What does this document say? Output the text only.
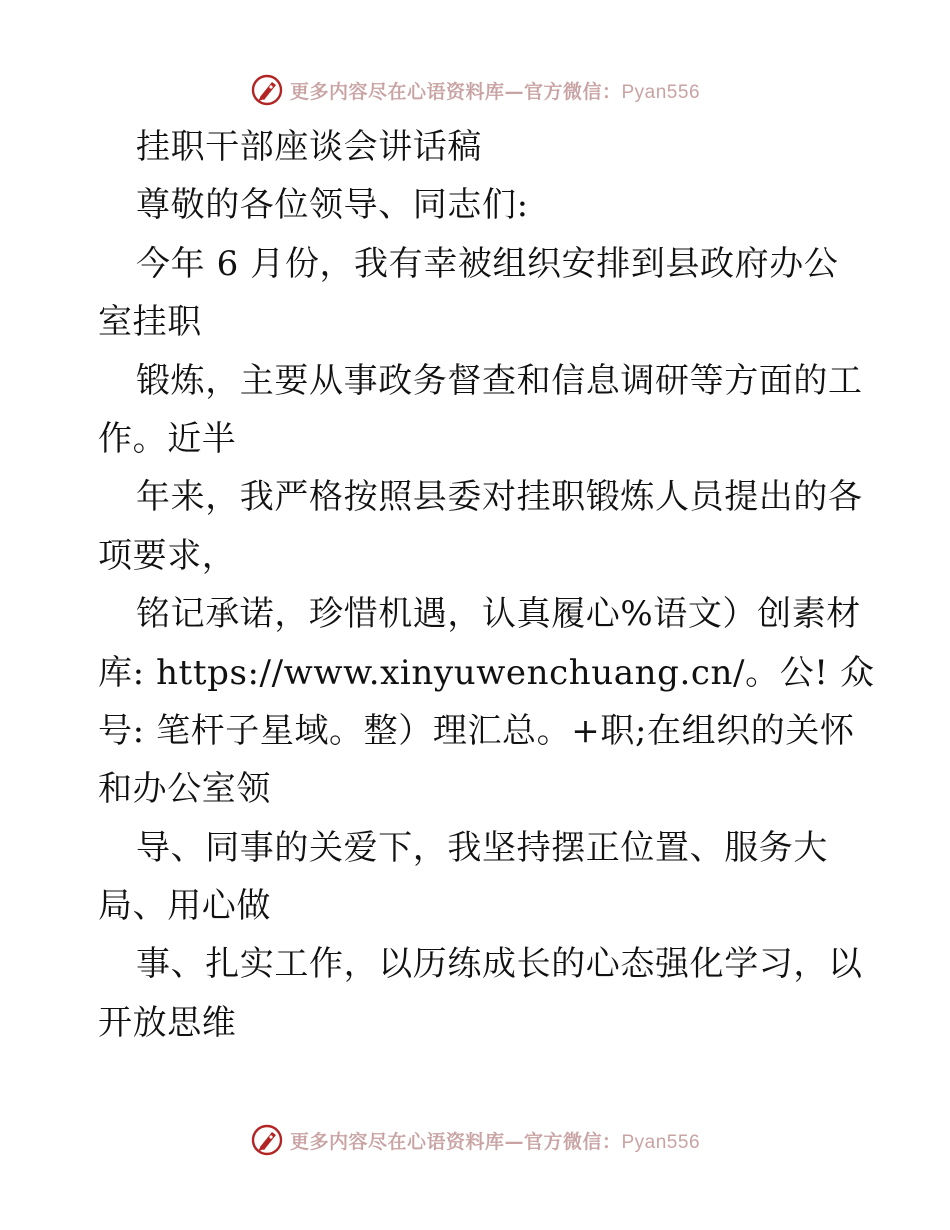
更多内容尽在心语资料库—官方微信：Pyan556
挂职干部座谈会讲话稿
尊敬的各位领导、同志们:
今年 6 月份，我有幸被组织安排到县政府办公
室挂职
锻炼，主要从事政务督查和信息调研等方面的工
作。近半
年来，我严格按照县委对挂职锻炼人员提出的各
项要求，
铭记承诺，珍惜机遇，认真履心%语文）创素材
库: https://www.xinyuwenchuang.cn/。公! 众
号: 笔杆子星域。整）理汇总。+职;在组织的关怀
和办公室领
导、同事的关爱下，我坚持摆正位置、服务大
局、用心做
事、扎实工作，以历练成长的心态强化学习，以
开放思维
更多内容尽在心语资料库—官方微信：Pyan556
